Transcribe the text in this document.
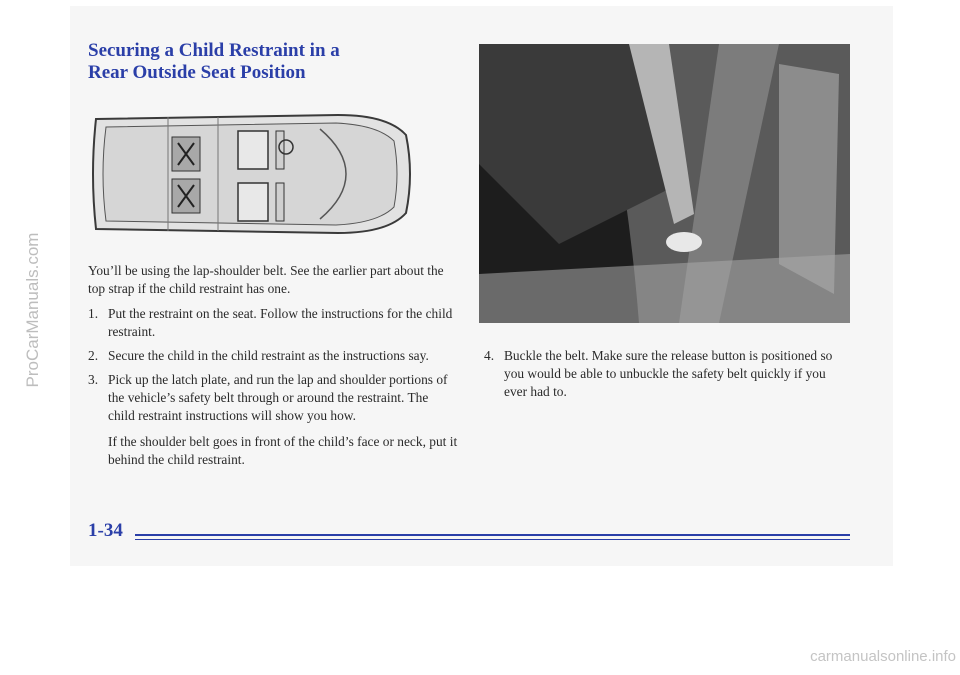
Securing a Child Restraint in a
Rear Outside Seat Position

You’ll be using the lap-shoulder belt. See the earlier part about the top strap if the child restraint has one.

1. Put the restraint on the seat. Follow the instructions for the child restraint.
2. Secure the child in the child restraint as the instructions say.
3. Pick up the latch plate, and run the lap and shoulder portions of the vehicle’s safety belt through or around the restraint. The child restraint instructions will show you how.
If the shoulder belt goes in front of the child’s face or neck, put it behind the child restraint.
4. Buckle the belt. Make sure the release button is positioned so you would be able to unbuckle the safety belt quickly if you ever had to.

1-34

ProCarManuals.com
carmanualsonline.info
